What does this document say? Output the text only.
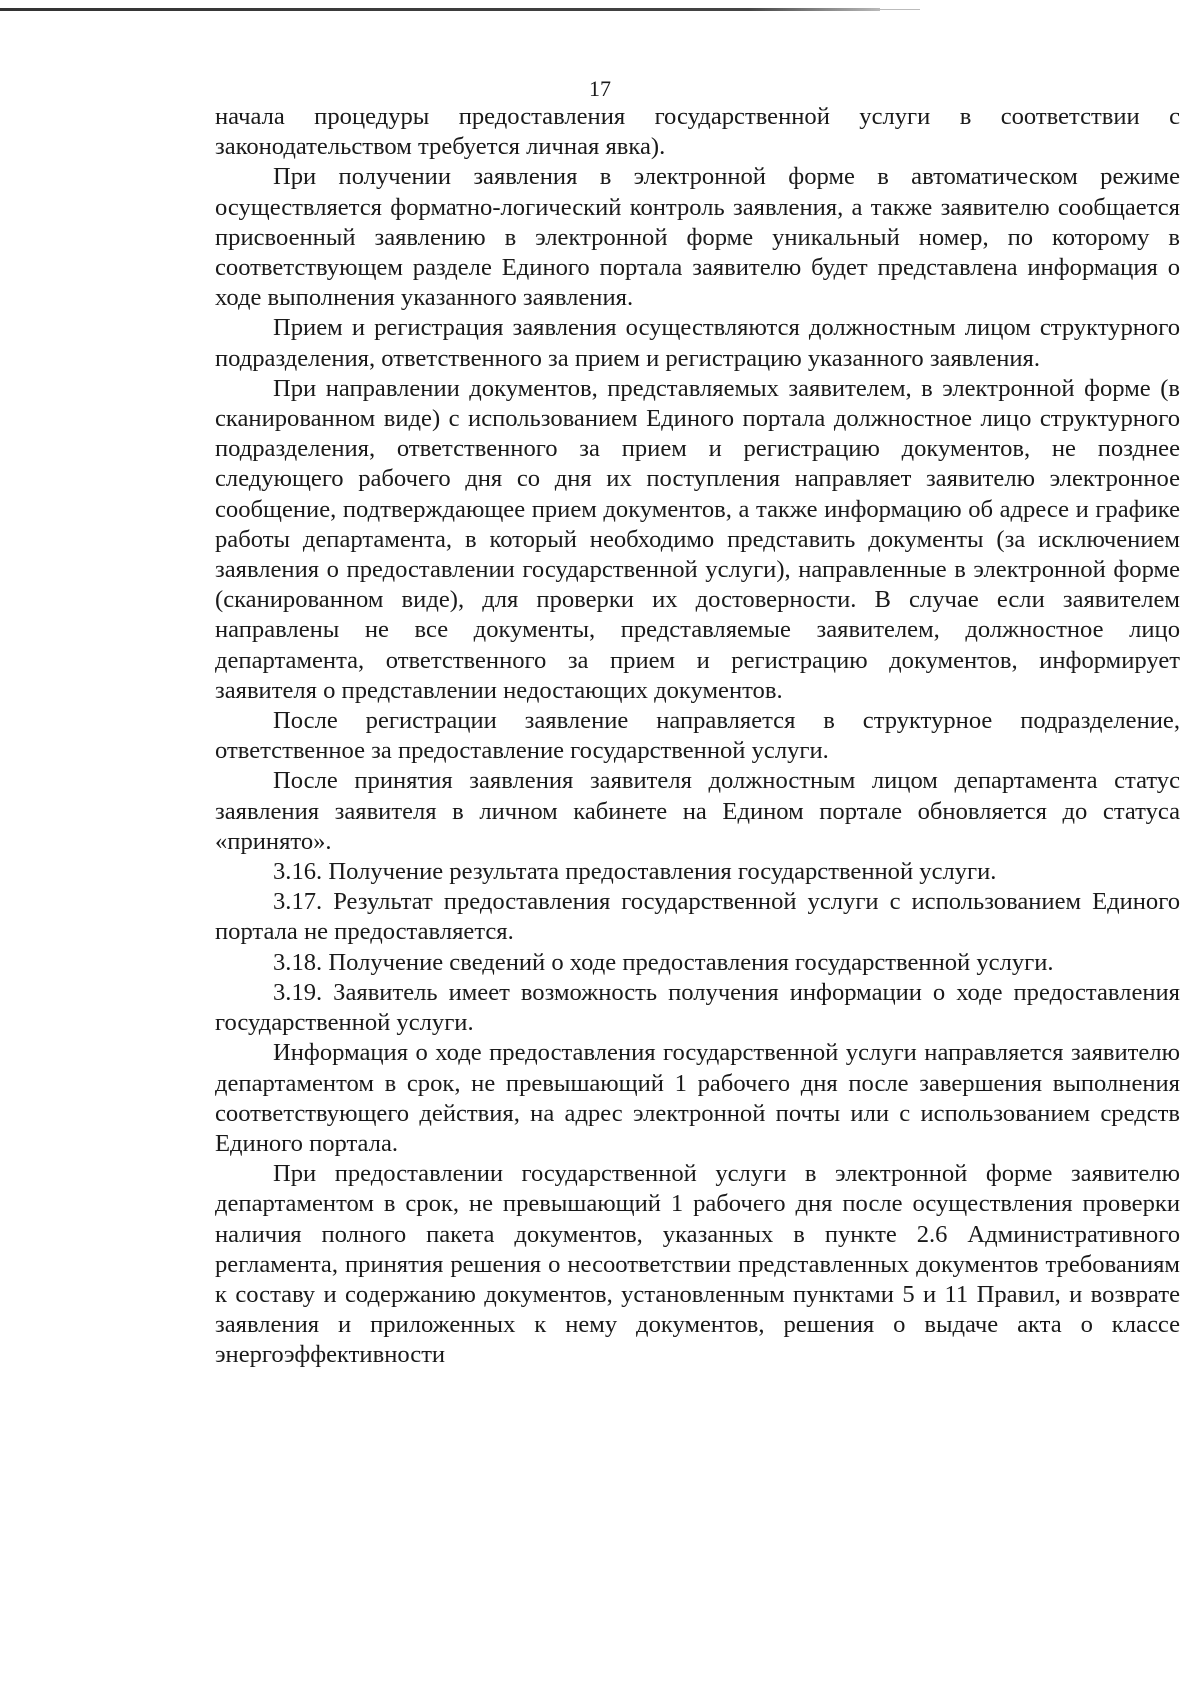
17

начала процедуры предоставления государственной услуги в соответствии с законодательством требуется личная явка).

При получении заявления в электронной форме в автоматическом режиме осуществляется форматно-логический контроль заявления, а также заявителю сообщается присвоенный заявлению в электронной форме уникальный номер, по которому в соответствующем разделе Единого портала заявителю будет представлена информация о ходе выполнения указанного заявления.

Прием и регистрация заявления осуществляются должностным лицом структурного подразделения, ответственного за прием и регистрацию указанного заявления.

При направлении документов, представляемых заявителем, в электронной форме (в сканированном виде) с использованием Единого портала должностное лицо структурного подразделения, ответственного за прием и регистрацию документов, не позднее следующего рабочего дня со дня их поступления направляет заявителю электронное сообщение, подтверждающее прием документов, а также информацию об адресе и графике работы департамента, в который необходимо представить документы (за исключением заявления о предоставлении государственной услуги), направленные в электронной форме (сканированном виде), для проверки их достоверности. В случае если заявителем направлены не все документы, представляемые заявителем, должностное лицо департамента, ответственного за прием и регистрацию документов, информирует заявителя о представлении недостающих документов.

После регистрации заявление направляется в структурное подразделение, ответственное за предоставление государственной услуги.

После принятия заявления заявителя должностным лицом департамента статус заявления заявителя в личном кабинете на Едином портале обновляется до статуса «принято».

3.16. Получение результата предоставления государственной услуги.

3.17. Результат предоставления государственной услуги с использованием Единого портала не предоставляется.

3.18. Получение сведений о ходе предоставления государственной услуги.

3.19. Заявитель имеет возможность получения информации о ходе предоставления государственной услуги.

Информация о ходе предоставления государственной услуги направляется заявителю департаментом в срок, не превышающий 1 рабочего дня после завершения выполнения соответствующего действия, на адрес электронной почты или с использованием средств Единого портала.

При предоставлении государственной услуги в электронной форме заявителю департаментом в срок, не превышающий 1 рабочего дня после осуществления проверки наличия полного пакета документов, указанных в пункте 2.6 Административного регламента, принятия решения о несоответствии представленных документов требованиям к составу и содержанию документов, установленным пунктами 5 и 11 Правил, и возврате заявления и приложенных к нему документов, решения о выдаче акта о классе энергоэффективности
